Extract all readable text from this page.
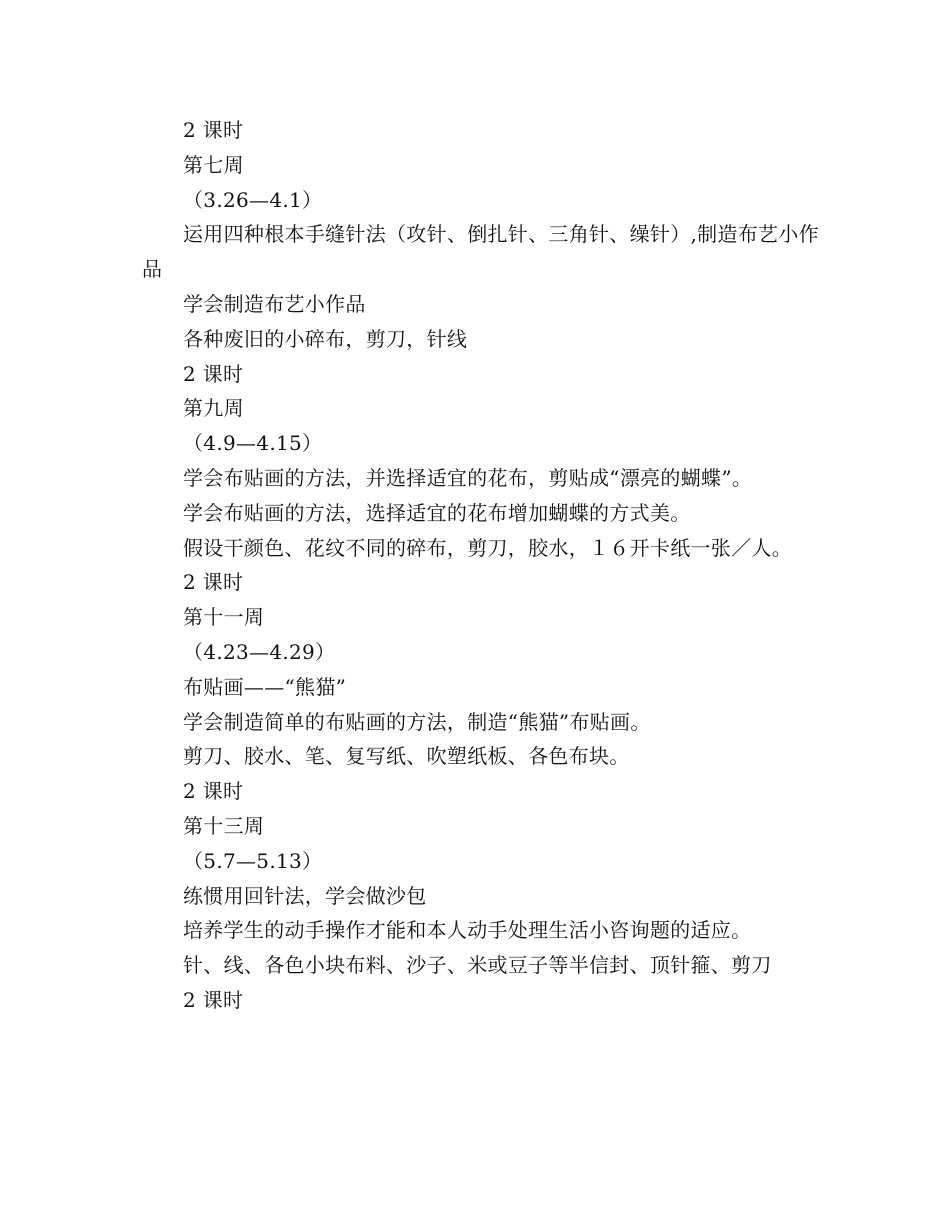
2 课时

第七周

（3.26—4.1）

运用四种根本手缝针法（攻针、倒扎针、三角针、缲针）,制造布艺小作品

学会制造布艺小作品

各种废旧的小碎布，剪刀，针线

2 课时

第九周

（4.9—4.15）

学会布贴画的方法，并选择适宜的花布，剪贴成“漂亮的蝴蝶”。

学会布贴画的方法，选择适宜的花布增加蝴蝶的方式美。

假设干颜色、花纹不同的碎布，剪刀，胶水，１６开卡纸一张／人。

2 课时

第十一周

（4.23—4.29）

布贴画——“熊猫”

学会制造简单的布贴画的方法，制造“熊猫”布贴画。

剪刀、胶水、笔、复写纸、吹塑纸板、各色布块。

2 课时

第十三周

（5.7—5.13）

练惯用回针法，学会做沙包

培养学生的动手操作才能和本人动手处理生活小咨询题的适应。

针、线、各色小块布料、沙子、米或豆子等半信封、顶针箍、剪刀

2 课时
